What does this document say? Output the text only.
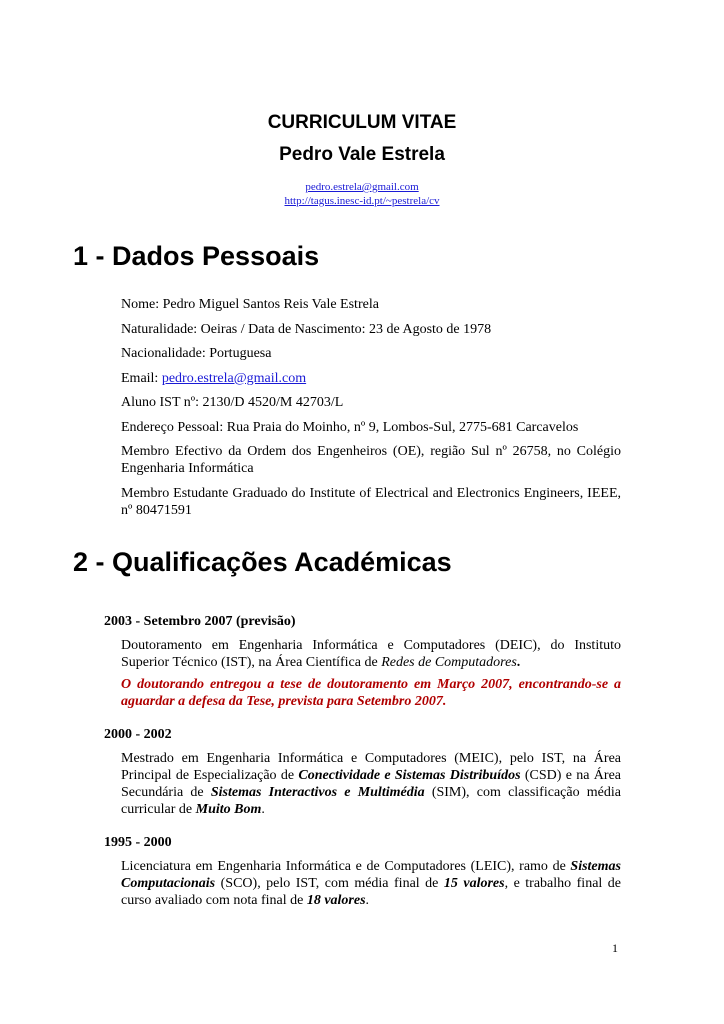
CURRICULUM VITAE
Pedro Vale Estrela
pedro.estrela@gmail.com
http://tagus.inesc-id.pt/~pestrela/cv
1 - Dados Pessoais

Nome: Pedro Miguel Santos Reis Vale Estrela

Naturalidade: Oeiras / Data de Nascimento: 23 de Agosto de 1978

Nacionalidade: Portuguesa

Email: pedro.estrela@gmail.com

Aluno IST nº: 2130/D 4520/M 42703/L

Endereço Pessoal: Rua Praia do Moinho, nº 9, Lombos-Sul, 2775-681 Carcavelos

Membro Efectivo da Ordem dos Engenheiros (OE), região Sul nº 26758, no Colégio Engenharia Informática

Membro Estudante Graduado do Institute of Electrical and Electronics Engineers, IEEE, nº 80471591

2 - Qualificações Académicas

2003 - Setembro 2007 (previsão)

Doutoramento em Engenharia Informática e Computadores (DEIC), do Instituto Superior Técnico (IST), na Área Científica de Redes de Computadores.

O doutorando entregou a tese de doutoramento em Março 2007, encontrando-se a aguardar a defesa da Tese, prevista para Setembro 2007.

2000 - 2002

Mestrado em Engenharia Informática e Computadores (MEIC), pelo IST, na Área Principal de Especialização de Conectividade e Sistemas Distribuídos (CSD) e na Área Secundária de Sistemas Interactivos e Multimédia (SIM), com classificação média curricular de Muito Bom.

1995 - 2000

Licenciatura em Engenharia Informática e de Computadores (LEIC), ramo de Sistemas Computacionais (SCO), pelo IST, com média final de 15 valores, e trabalho final de curso avaliado com nota final de 18 valores.

1
